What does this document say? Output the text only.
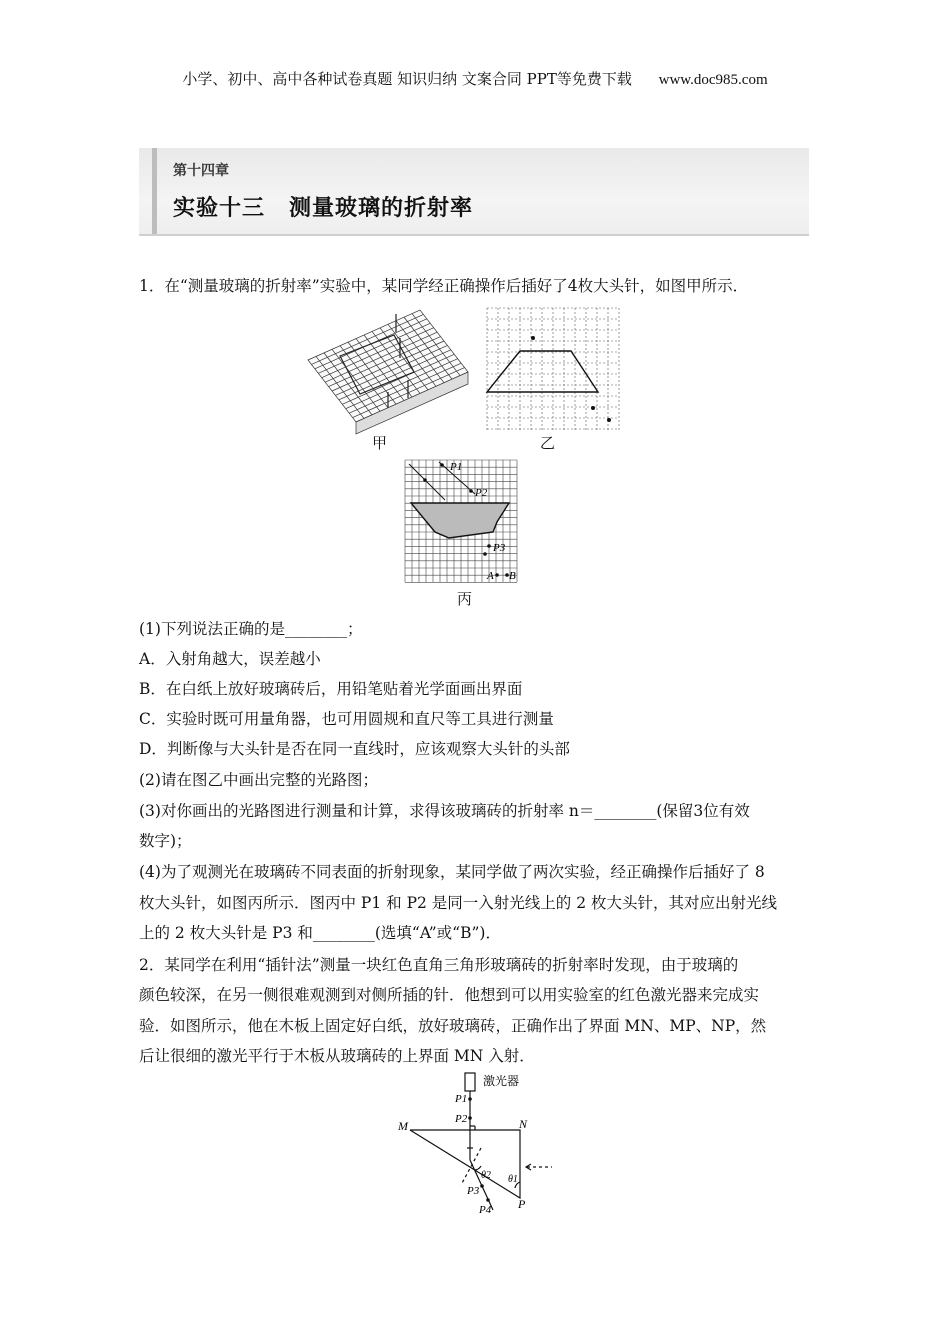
小学、初中、高中各种试卷真题 知识归纳 文案合同 PPT等免费下载 www.doc985.com
第十四章
实验十三 测量玻璃的折射率
1．在“测量玻璃的折射率”实验中，某同学经正确操作后插好了4枚大头针，如图甲所示．
甲	乙
P1
P2
P3
A B
丙
(1)下列说法正确的是________；
A．入射角越大，误差越小
B．在白纸上放好玻璃砖后，用铅笔贴着光学面画出界面
C．实验时既可用量角器，也可用圆规和直尺等工具进行测量
D．判断像与大头针是否在同一直线时，应该观察大头针的头部
(2)请在图乙中画出完整的光路图；
(3)对你画出的光路图进行测量和计算，求得该玻璃砖的折射率 n＝________(保留3位有效
数字)；
(4)为了观测光在玻璃砖不同表面的折射现象，某同学做了两次实验，经正确操作后插好了 8
枚大头针，如图丙所示．图丙中 P1 和 P2 是同一入射光线上的 2 枚大头针，其对应出射光线
上的 2 枚大头针是 P3 和________(选填“A”或“B”)．
2．某同学在利用“插针法”测量一块红色直角三角形玻璃砖的折射率时发现，由于玻璃的
颜色较深，在另一侧很难观测到对侧所插的针．他想到可以用实验室的红色激光器来完成实
验．如图所示，他在木板上固定好白纸，放好玻璃砖，正确作出了界面 MN、MP、NP，然
后让很细的激光平行于木板从玻璃砖的上界面 MN 入射．
激光器
P1
P2
P3
P4
M	N
P
θ1
θ2
